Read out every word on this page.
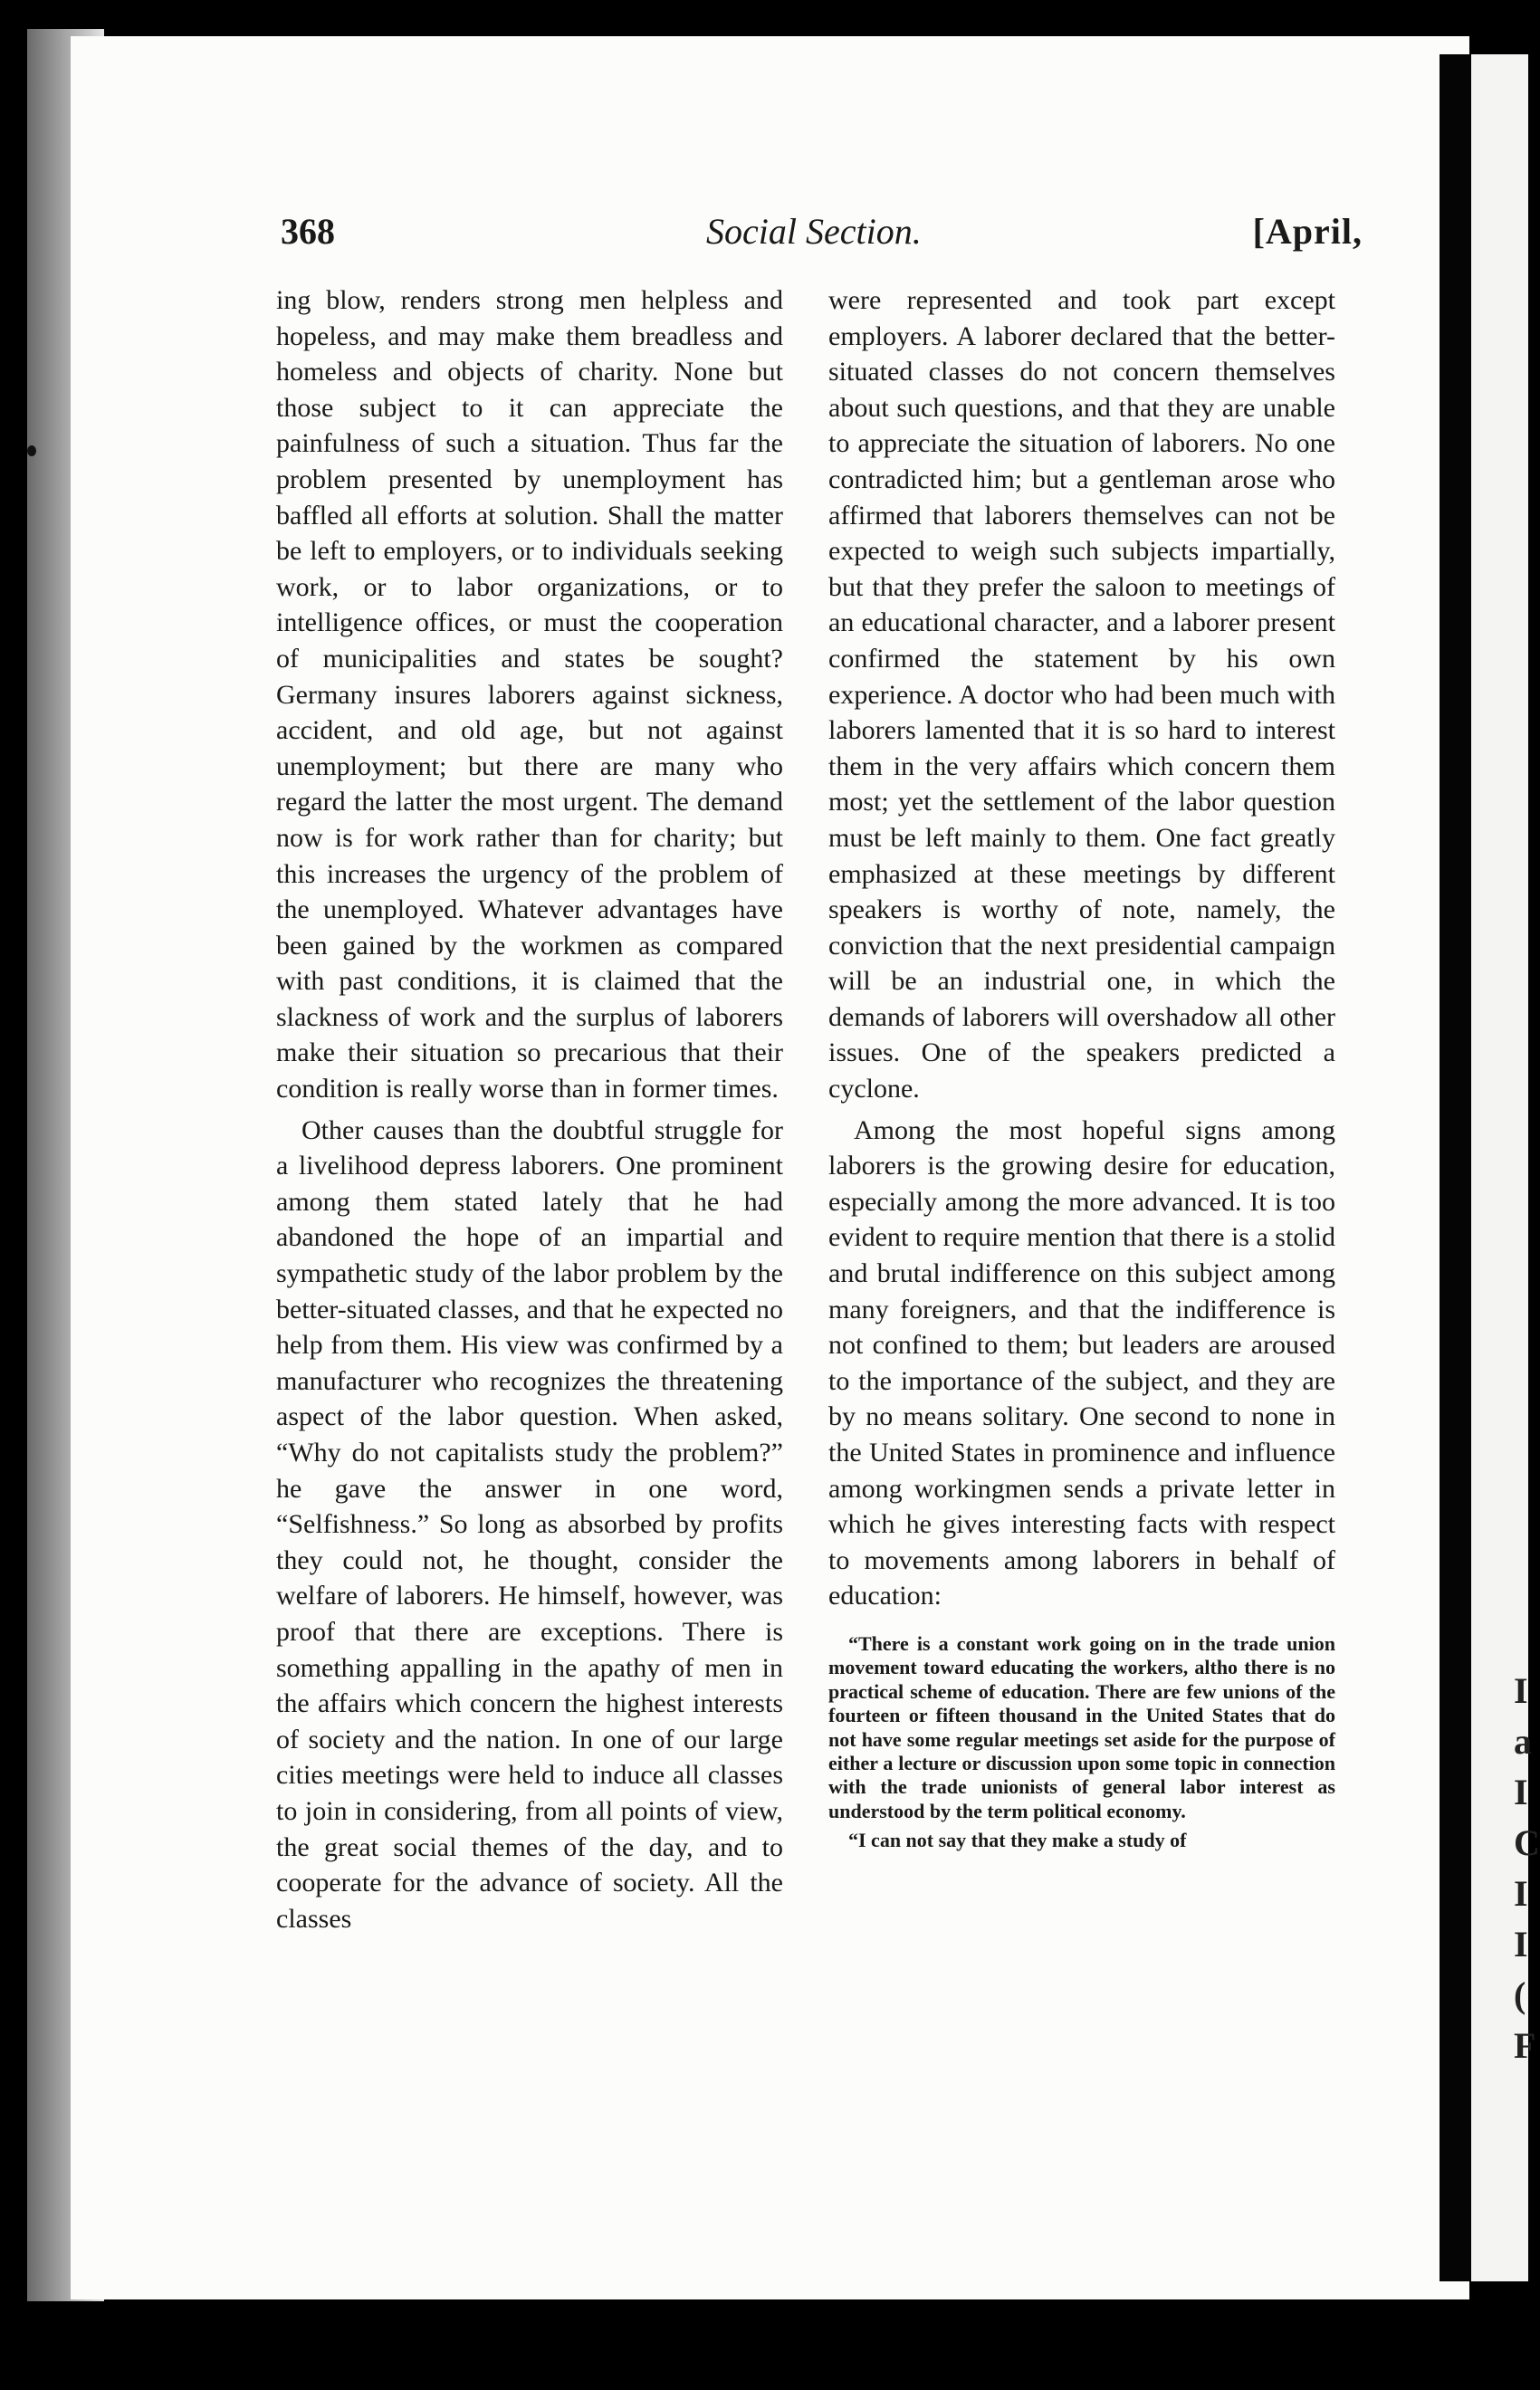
I
a
I
C
I
I
(
F
368	Social Section.	[April,

ing blow, renders strong men helpless and hopeless, and may make them breadless and homeless and objects of charity. None but those subject to it can appreciate the painfulness of such a situation. Thus far the problem presented by unemployment has baffled all efforts at solution. Shall the matter be left to employers, or to individuals seeking work, or to labor organizations, or to intelligence offices, or must the cooperation of municipalities and states be sought? Germany insures laborers against sickness, accident, and old age, but not against unemployment; but there are many who regard the latter the most urgent. The demand now is for work rather than for charity; but this increases the urgency of the problem of the unemployed. Whatever advantages have been gained by the workmen as compared with past conditions, it is claimed that the slackness of work and the surplus of laborers make their situation so precarious that their condition is really worse than in former times.

Other causes than the doubtful struggle for a livelihood depress laborers. One prominent among them stated lately that he had abandoned the hope of an impartial and sympathetic study of the labor problem by the better-situated classes, and that he expected no help from them. His view was confirmed by a manufacturer who recognizes the threatening aspect of the labor question. When asked, “Why do not capitalists study the problem?” he gave the answer in one word, “Selfishness.” So long as absorbed by profits they could not, he thought, consider the welfare of laborers. He himself, however, was proof that there are exceptions. There is something appalling in the apathy of men in the affairs which concern the highest interests of society and the nation. In one of our large cities meetings were held to induce all classes to join in considering, from all points of view, the great social themes of the day, and to cooperate for the advance of society. All the classes

were represented and took part except employers. A laborer declared that the better-situated classes do not concern themselves about such questions, and that they are unable to appreciate the situation of laborers. No one contradicted him; but a gentleman arose who affirmed that laborers themselves can not be expected to weigh such subjects impartially, but that they prefer the saloon to meetings of an educational character, and a laborer present confirmed the statement by his own experience. A doctor who had been much with laborers lamented that it is so hard to interest them in the very affairs which concern them most; yet the settlement of the labor question must be left mainly to them. One fact greatly emphasized at these meetings by different speakers is worthy of note, namely, the conviction that the next presidential campaign will be an industrial one, in which the demands of laborers will overshadow all other issues. One of the speakers predicted a cyclone.

Among the most hopeful signs among laborers is the growing desire for education, especially among the more advanced. It is too evident to require mention that there is a stolid and brutal indifference on this subject among many foreigners, and that the indifference is not confined to them; but leaders are aroused to the importance of the subject, and they are by no means solitary. One second to none in the United States in prominence and influence among workingmen sends a private letter in which he gives interesting facts with respect to movements among laborers in behalf of education:

“There is a constant work going on in the trade union movement toward educating the workers, altho there is no practical scheme of education. There are few unions of the fourteen or fifteen thousand in the United States that do not have some regular meetings set aside for the purpose of either a lecture or discussion upon some topic in connection with the trade unionists of general labor interest as understood by the term political economy.

“I can not say that they make a study of
